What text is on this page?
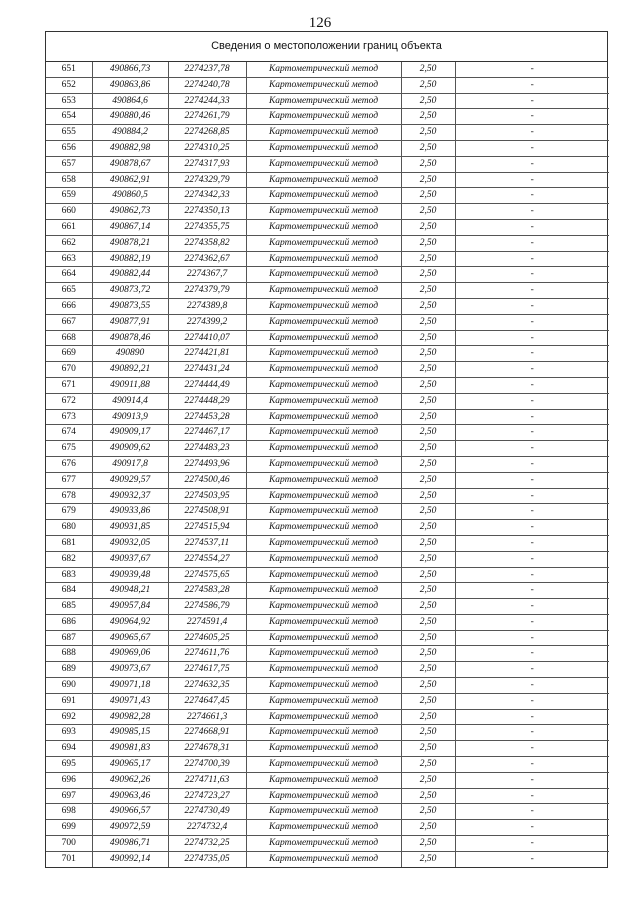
126
Сведения о местоположении границ объекта
651	490866,73	2274237,78	Картометрический метод	2,50	-
652	490863,86	2274240,78	Картометрический метод	2,50	-
653	490864,6	2274244,33	Картометрический метод	2,50	-
654	490880,46	2274261,79	Картометрический метод	2,50	-
655	490884,2	2274268,85	Картометрический метод	2,50	-
656	490882,98	2274310,25	Картометрический метод	2,50	-
657	490878,67	2274317,93	Картометрический метод	2,50	-
658	490862,91	2274329,79	Картометрический метод	2,50	-
659	490860,5	2274342,33	Картометрический метод	2,50	-
660	490862,73	2274350,13	Картометрический метод	2,50	-
661	490867,14	2274355,75	Картометрический метод	2,50	-
662	490878,21	2274358,82	Картометрический метод	2,50	-
663	490882,19	2274362,67	Картометрический метод	2,50	-
664	490882,44	2274367,7	Картометрический метод	2,50	-
665	490873,72	2274379,79	Картометрический метод	2,50	-
666	490873,55	2274389,8	Картометрический метод	2,50	-
667	490877,91	2274399,2	Картометрический метод	2,50	-
668	490878,46	2274410,07	Картометрический метод	2,50	-
669	490890	2274421,81	Картометрический метод	2,50	-
670	490892,21	2274431,24	Картометрический метод	2,50	-
671	490911,88	2274444,49	Картометрический метод	2,50	-
672	490914,4	2274448,29	Картометрический метод	2,50	-
673	490913,9	2274453,28	Картометрический метод	2,50	-
674	490909,17	2274467,17	Картометрический метод	2,50	-
675	490909,62	2274483,23	Картометрический метод	2,50	-
676	490917,8	2274493,96	Картометрический метод	2,50	-
677	490929,57	2274500,46	Картометрический метод	2,50	-
678	490932,37	2274503,95	Картометрический метод	2,50	-
679	490933,86	2274508,91	Картометрический метод	2,50	-
680	490931,85	2274515,94	Картометрический метод	2,50	-
681	490932,05	2274537,11	Картометрический метод	2,50	-
682	490937,67	2274554,27	Картометрический метод	2,50	-
683	490939,48	2274575,65	Картометрический метод	2,50	-
684	490948,21	2274583,28	Картометрический метод	2,50	-
685	490957,84	2274586,79	Картометрический метод	2,50	-
686	490964,92	2274591,4	Картометрический метод	2,50	-
687	490965,67	2274605,25	Картометрический метод	2,50	-
688	490969,06	2274611,76	Картометрический метод	2,50	-
689	490973,67	2274617,75	Картометрический метод	2,50	-
690	490971,18	2274632,35	Картометрический метод	2,50	-
691	490971,43	2274647,45	Картометрический метод	2,50	-
692	490982,28	2274661,3	Картометрический метод	2,50	-
693	490985,15	2274668,91	Картометрический метод	2,50	-
694	490981,83	2274678,31	Картометрический метод	2,50	-
695	490965,17	2274700,39	Картометрический метод	2,50	-
696	490962,26	2274711,63	Картометрический метод	2,50	-
697	490963,46	2274723,27	Картометрический метод	2,50	-
698	490966,57	2274730,49	Картометрический метод	2,50	-
699	490972,59	2274732,4	Картометрический метод	2,50	-
700	490986,71	2274732,25	Картометрический метод	2,50	-
701	490992,14	2274735,05	Картометрический метод	2,50	-
